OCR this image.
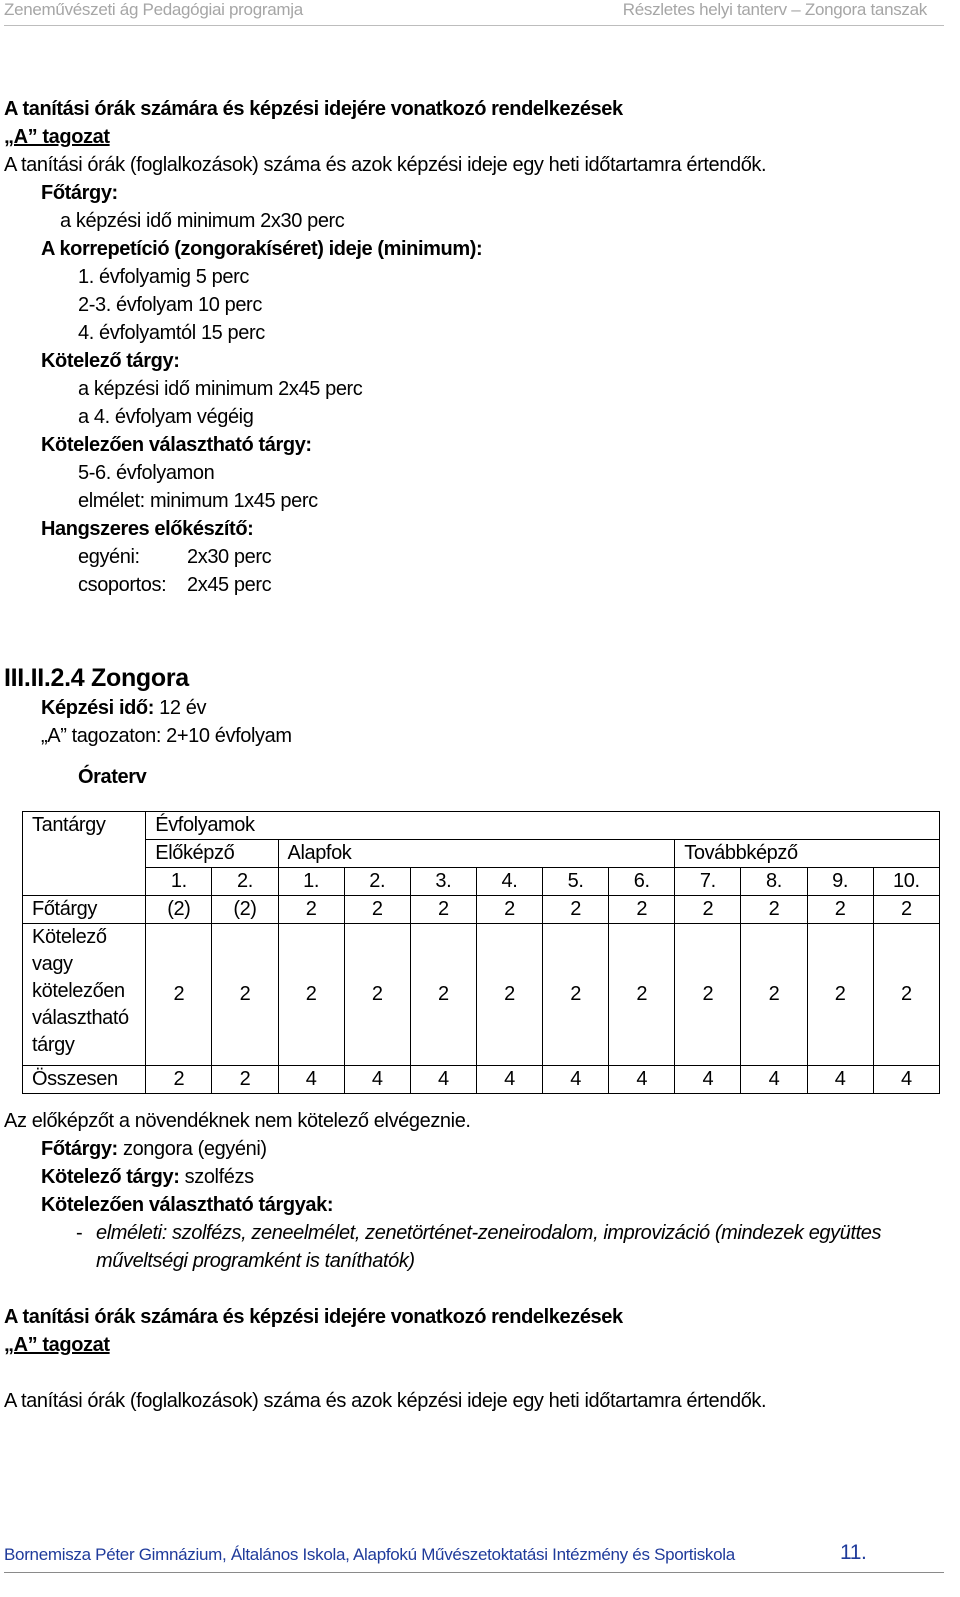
Zeneművészeti ág Pedagógiai programja	Részletes helyi tanterv – Zongora tanszak
A tanítási órák számára és képzési idejére vonatkozó rendelkezések
„A” tagozat
A tanítási órák (foglalkozások) száma és azok képzési ideje egy heti időtartamra értendők.
Főtárgy:
a képzési idő minimum 2x30 perc
A korrepetíció (zongorakíséret) ideje (minimum):
1. évfolyamig 5 perc
2-3. évfolyam 10 perc
4. évfolyamtól 15 perc
Kötelező tárgy:
a képzési idő minimum 2x45 perc
a 4. évfolyam végéig
Kötelezően választható tárgy:
5-6. évfolyamon
elmélet: minimum 1x45 perc
Hangszeres előkészítő:
egyéni: 2x30 perc
csoportos: 2x45 perc
III.II.2.4 Zongora
Képzési idő: 12 év
„A” tagozaton: 2+10 évfolyam
Óraterv
Tantárgy	Évfolyamok											
	Előképző		Alapfok						Továbbképző			
	1.	2.	1.	2.	3.	4.	5.	6.	7.	8.	9.	10.
Főtárgy	(2)	(2)	2	2	2	2	2	2	2	2	2	2

Kötelező
vagy
kötelezően
választható
tárgy	2	2	2	2	2	2	2	2	2	2	2	2
Összesen	2	2	4	4	4	4	4	4	4	4	4	4
Az előképzőt a növendéknek nem kötelező elvégeznie.
Főtárgy: zongora (egyéni)
Kötelező tárgy: szolfézs
Kötelezően választható tárgyak:
- elméleti: szolfézs, zeneelmélet, zenetörténet-zeneirodalom, improvizáció (mindezek együttes
műveltségi programként is taníthatók)
A tanítási órák számára és képzési idejére vonatkozó rendelkezések
„A” tagozat
A tanítási órák (foglalkozások) száma és azok képzési ideje egy heti időtartamra értendők.
Bornemisza Péter Gimnázium, Általános Iskola, Alapfokú Művészetoktatási Intézmény és Sportiskola	11.
